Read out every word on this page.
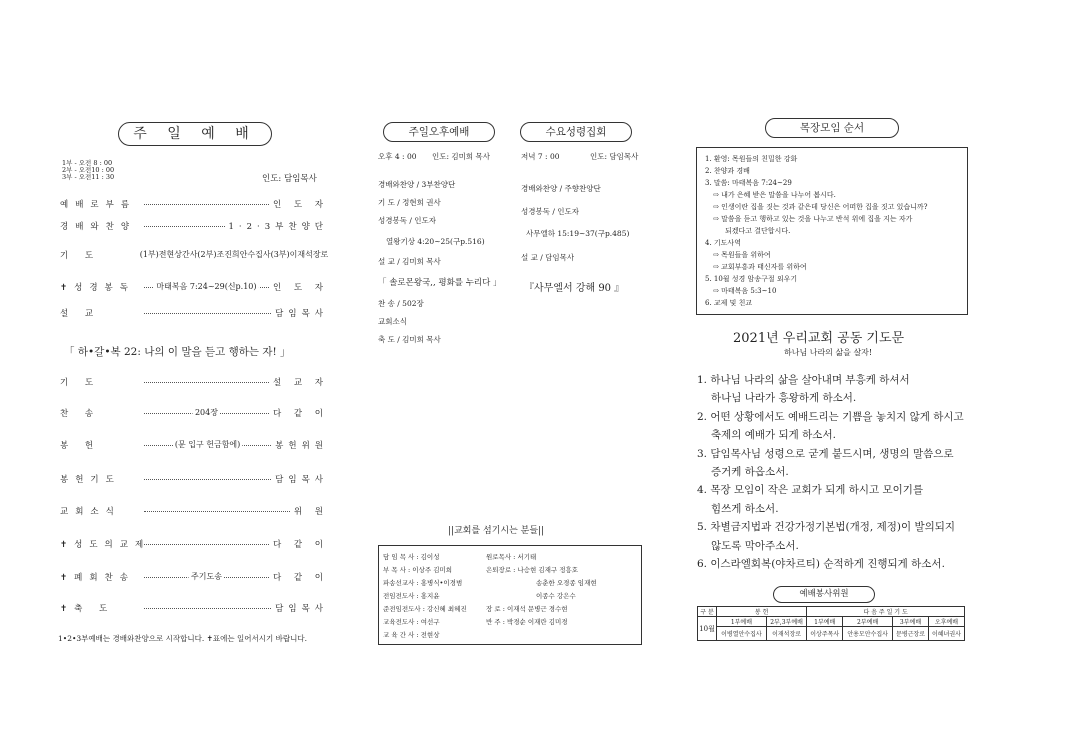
주 일 예 배
1부 - 오전 8 : 00
2부 - 오전10 : 00
3부 - 오전11 : 30	인도: 담임목사
예배로부름	인 도 자
경배와찬양	1·2·3부찬양단
기 도	(1부)전현상간사(2부)조진희안수집사(3부)이재석장로
✝성경봉독	마태복음 7:24~29(신p.10) 인 도 자
설 교	담임목사
「 하•갈•복 22: 나의 이 말을 듣고 행하는 자! 」
기 도	설 교 자
찬 송	204장	다 같 이
봉 헌	(문 입구 헌금함에)	봉헌위원
봉헌기도	담임목사
교회소식	위 원
✝성도의교제	다 같 이
✝폐회찬송	주기도송	다 같 이
✝축 도	담임목사
1•2•3부예배는 경배와찬양으로 시작합니다. ✝표에는 일어서시기 바랍니다.
주일오후예배	수요성령집회
오후 4 : 00 인도: 김미희 목사
경배와찬양 / 3부찬양단
기 도 / 정현희 권사
성경봉독 / 인도자
열왕기상 4:20~25(구p.516)
설 교 / 김미희 목사
「 솔로몬왕국,, 평화를 누리다 」
찬 송 / 502장
교회소식
축 도 / 김미희 목사
저녁 7 : 00	인도: 담임목사
경배와찬양 / 주향찬양단
성경봉독 / 인도자
사무엘하 15:19~37(구p.485)
설 교 / 담임목사
『사무엘서 강해 90 』
||교회를 섬기시는 분들||
담 임 목 사 : 김이성
부 목 사 : 이상주 김미희
파송선교사 : 홍병식•이경범
전임전도사 : 홍지윤
준전임전도사 : 강신혜 최혜진
교육전도사 : 여선구
교 육 간 사 : 전현상
원로목사 : 서기태
은퇴장로 : 나승현 김재구 정흥호
송춘한 오경종 임재현
이종수 강은수
장 로 : 이재석 문병근 경수현
반 주 : 박경순 이재란 김미경
목장모임 순서
1. 환영: 목원들의 친밀한 강화
2. 찬양과 경배
3. 말씀: 마태복음 7:24~29
⇨ 내가 은혜 받은 말씀을 나누어 봅시다.
⇨ 인생이란 집을 짓는 것과 같은데 당신은 어떠한 집을 짓고 있습니까?
⇨ 말씀을 듣고 행하고 있는 것을 나누고 반석 위에 집을 지는 자가
되겠다고 결단합시다.
4. 기도사역
⇨ 목원들을 위하여
⇨ 교회부흥과 태신자를 위하여
5. 10월 성경 암송구절 외우기
⇨ 마태복음 5:3~10
6. 교제 및 친교
2021년 우리교회 공동 기도문
하나님 나라의 삶을 살자!
1. 하나님 나라의 삶을 살아내며 부흥케 하셔서
하나님 나라가 흥왕하게 하소서.
2. 어떤 상황에서도 예배드리는 기쁨을 놓치지 않게 하시고
축제의 예배가 되게 하소서.
3. 담임목사님 성령으로 굳게 붙드시며, 생명의 말씀으로
증거케 하옵소서.
4. 목장 모임이 작은 교회가 되게 하시고 모이기를
힘쓰게 하소서.
5. 차별금지법과 건강가정기본법(개정, 제정)이 발의되지
않도록 막아주소서.
6. 이스라엘회복(야차르티) 순적하게 진행되게 하소서.
예배봉사위원
구 분	봉 헌		다 음 주 일 기 도			
10월	1부예배	2부,3부예배	1부예배	2부예배	3부예배	오후예배
	이병열안수집사	이재석장로	이상주목사	안용모안수집사	문병근장로	이혜녀권사
